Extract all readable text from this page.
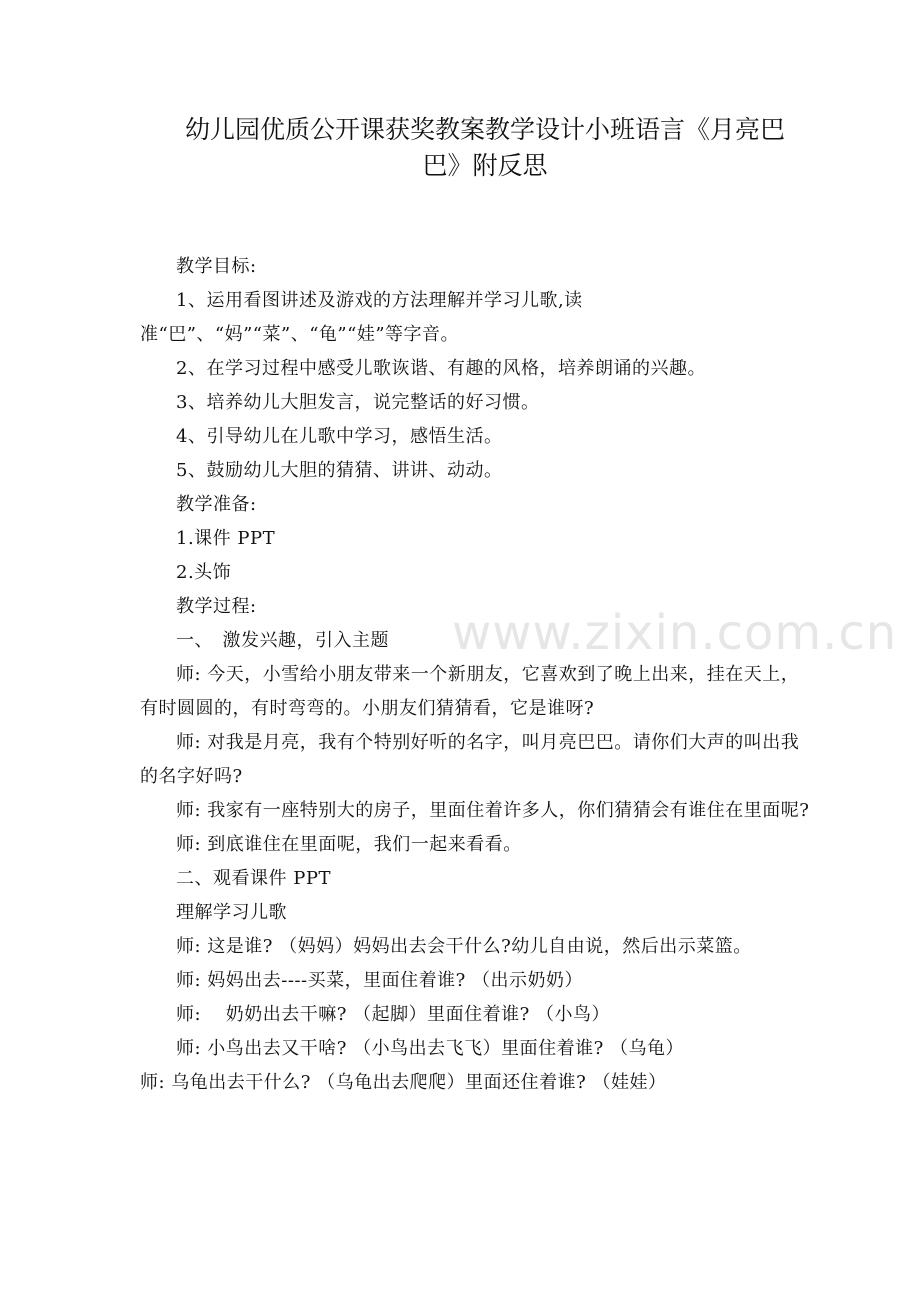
幼儿园优质公开课获奖教案教学设计小班语言《月亮巴
巴》附反思
www.zixin.com.cn

教学目标:

1、运用看图讲述及游戏的方法理解并学习儿歌,读准“巴”、“妈”“菜”、“龟”“娃”等字音。

2、在学习过程中感受儿歌诙谐、有趣的风格，培养朗诵的兴趣。

3、培养幼儿大胆发言，说完整话的好习惯。

4、引导幼儿在儿歌中学习，感悟生活。

5、鼓励幼儿大胆的猜猜、讲讲、动动。

教学准备:

1.课件 PPT

2.头饰

教学过程:

一、　激发兴趣，引入主题

师: 今天，小雪给小朋友带来一个新朋友，它喜欢到了晚上出来，挂在天上，有时圆圆的，有时弯弯的。小朋友们猜猜看，它是谁呀?

师: 对我是月亮，我有个特别好听的名字，叫月亮巴巴。请你们大声的叫出我的名字好吗?

师: 我家有一座特别大的房子，里面住着许多人，你们猜猜会有谁住在里面呢?

师: 到底谁住在里面呢，我们一起来看看。

二、观看课件 PPT

理解学习儿歌

师: 这是谁? （妈妈）妈妈出去会干什么?幼儿自由说，然后出示菜篮。

师: 妈妈出去----买菜，里面住着谁? （出示奶奶）

师:　 奶奶出去干嘛? （起脚）里面住着谁? （小鸟）

师: 小鸟出去又干啥? （小鸟出去飞飞）里面住着谁? （乌龟）

师: 乌龟出去干什么? （乌龟出去爬爬）里面还住着谁? （娃娃）
